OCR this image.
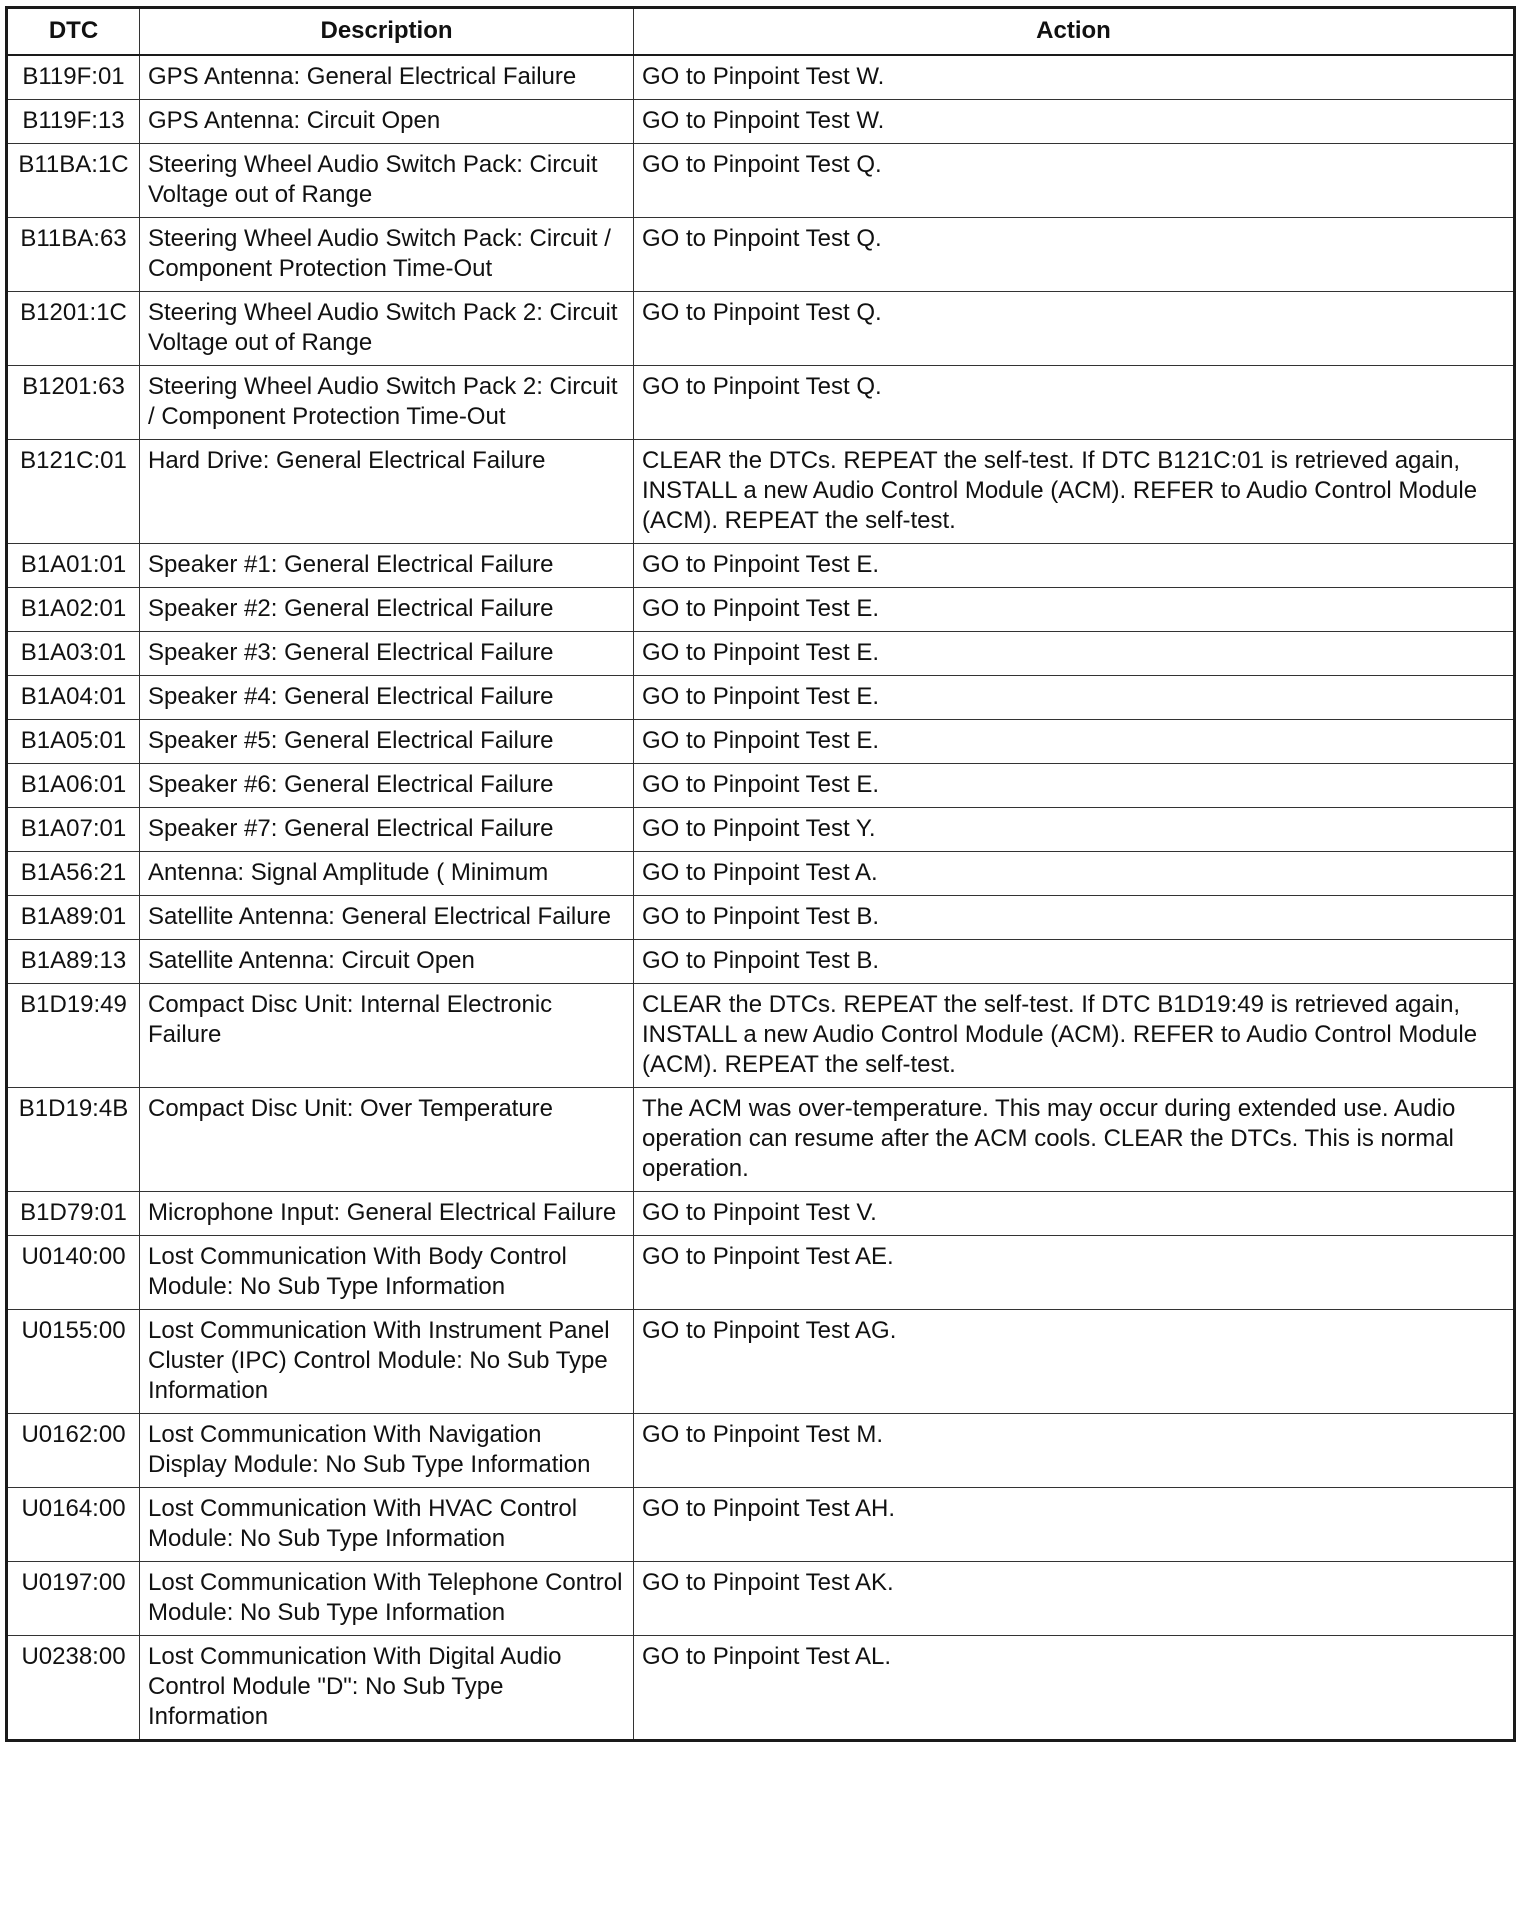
DTC	Description	Action
B119F:01	GPS Antenna: General Electrical Failure	GO to Pinpoint Test W.
B119F:13	GPS Antenna: Circuit Open	GO to Pinpoint Test W.
B11BA:1C	Steering Wheel Audio Switch Pack: Circuit Voltage out of Range	GO to Pinpoint Test Q.
B11BA:63	Steering Wheel Audio Switch Pack: Circuit / Component Protection Time-Out	GO to Pinpoint Test Q.
B1201:1C	Steering Wheel Audio Switch Pack 2: Circuit Voltage out of Range	GO to Pinpoint Test Q.
B1201:63	Steering Wheel Audio Switch Pack 2: Circuit / Component Protection Time-Out	GO to Pinpoint Test Q.
B121C:01	Hard Drive: General Electrical Failure	CLEAR the DTCs. REPEAT the self-test. If DTC B121C:01 is retrieved again, INSTALL a new Audio Control Module (ACM). REFER to Audio Control Module (ACM). REPEAT the self-test.
B1A01:01	Speaker #1: General Electrical Failure	GO to Pinpoint Test E.
B1A02:01	Speaker #2: General Electrical Failure	GO to Pinpoint Test E.
B1A03:01	Speaker #3: General Electrical Failure	GO to Pinpoint Test E.
B1A04:01	Speaker #4: General Electrical Failure	GO to Pinpoint Test E.
B1A05:01	Speaker #5: General Electrical Failure	GO to Pinpoint Test E.
B1A06:01	Speaker #6: General Electrical Failure	GO to Pinpoint Test E.
B1A07:01	Speaker #7: General Electrical Failure	GO to Pinpoint Test Y.
B1A56:21	Antenna: Signal Amplitude ( Minimum	GO to Pinpoint Test A.
B1A89:01	Satellite Antenna: General Electrical Failure	GO to Pinpoint Test B.
B1A89:13	Satellite Antenna: Circuit Open	GO to Pinpoint Test B.
B1D19:49	Compact Disc Unit: Internal Electronic Failure	CLEAR the DTCs. REPEAT the self-test. If DTC B1D19:49 is retrieved again, INSTALL a new Audio Control Module (ACM). REFER to Audio Control Module (ACM). REPEAT the self-test.
B1D19:4B	Compact Disc Unit: Over Temperature	The ACM was over-temperature. This may occur during extended use. Audio operation can resume after the ACM cools. CLEAR the DTCs. This is normal operation.
B1D79:01	Microphone Input: General Electrical Failure	GO to Pinpoint Test V.
U0140:00	Lost Communication With Body Control Module: No Sub Type Information	GO to Pinpoint Test AE.
U0155:00	Lost Communication With Instrument Panel Cluster (IPC) Control Module: No Sub Type Information	GO to Pinpoint Test AG.
U0162:00	Lost Communication With Navigation Display Module: No Sub Type Information	GO to Pinpoint Test M.
U0164:00	Lost Communication With HVAC Control Module: No Sub Type Information	GO to Pinpoint Test AH.
U0197:00	Lost Communication With Telephone Control Module: No Sub Type Information	GO to Pinpoint Test AK.
U0238:00	Lost Communication With Digital Audio Control Module "D": No Sub Type Information	GO to Pinpoint Test AL.
